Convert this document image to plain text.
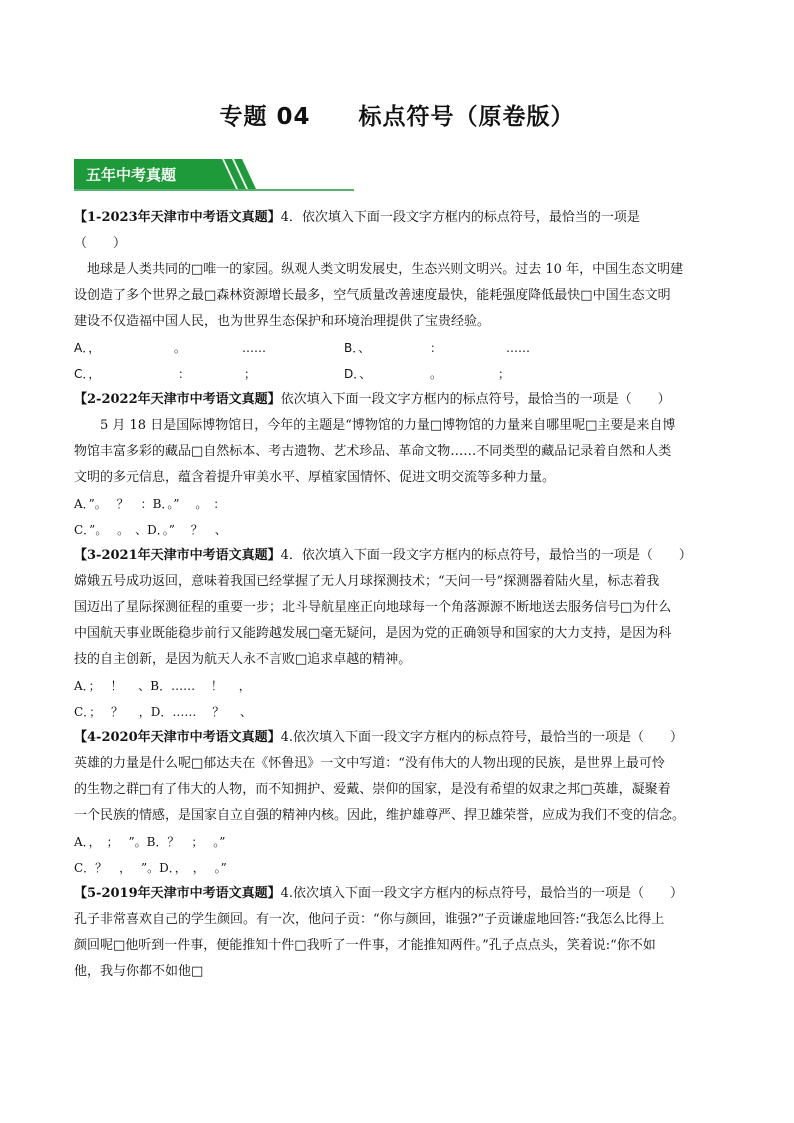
专题 04　　标点符号（原卷版）
五年中考真题
【1-2023年天津市中考语文真题】4．依次填入下面一段文字方框内的标点符号，最恰当的一项是
（　　）
　地球是人类共同的□唯一的家园。纵观人类文明发展史，生态兴则文明兴。过去 10 年，中国生态文明建
设创造了多个世界之最□森林资源增长最多，空气质量改善速度最快，能耗强度降低最快□中国生态文明
建设不仅造福中国人民，也为世界生态保护和环境治理提供了宝贵经验。
A．，	。	……	B．、	：	……
C．，	：	；	D．、	。	；
【2-2022年天津市中考语文真题】依次填入下面一段文字方框内的标点符号，最恰当的一项是（　　）
　　5 月 18 日是国际博物馆日，今年的主题是“博物馆的力量□博物馆的力量来自哪里呢□主要是来自博
物馆丰富多彩的藏品□自然标本、考古遗物、艺术珍品、革命文物……不同类型的藏品记录着自然和人类
文明的多元信息，蕴含着提升审美水平、厚植家国情怀、促进文明交流等多种力量。
A．”。　 ？　：B．。”　 。　：
C．”。　 。　、D．。”　 ？　、
【3-2021年天津市中考语文真题】4．依次填入下面一段文字方框内的标点符号，最恰当的一项是（　　）
嫦娥五号成功返回，意味着我国已经掌握了无人月球探测技术；“天问一号”探测器着陆火星，标志着我
国迈出了星际探测征程的重要一步；北斗导航星座正向地球每一个角落源源不断地送去服务信号□为什么
中国航天事业既能稳步前行又能跨越发展□毫无疑问，是因为党的正确领导和国家的大力支持，是因为科
技的自主创新，是因为航天人永不言败□追求卓越的精神。
A．；　 ！　 、B．……　 ！　 ，
C．；　 ？　 ，D．……　 ？　 、
【4-2020年天津市中考语文真题】4.依次填入下面一段文字方框内的标点符号，最恰当的一项是（　　）
英雄的力量是什么呢□郁达夫在《怀鲁迅》一文中写道：“没有伟大的人物出现的民族，是世界上最可怜
的生物之群□有了伟大的人物，而不知拥护、爱戴、崇仰的国家，是没有希望的奴隶之邦□英雄，凝聚着
一个民族的情感，是国家自立自强的精神内核。因此，维护雄尊严、捍卫雄荣誉，应成为我们不变的信念。
A．，　；　 ”。B．？　；　 。”
C．？　，　 ”。D．，　，　 。”
【5-2019年天津市中考语文真题】4.依次填入下面一段文字方框内的标点符号，最恰当的一项是（　　）
孔子非常喜欢自己的学生颜回。有一次，他问子贡：“你与颜回，谁强?”子贡谦虚地回答:“我怎么比得上
颜回呢□他听到一件事，便能推知十件□我听了一件事，才能推知两件。”孔子点点头，笑着说:“你不如
他，我与你都不如他□
